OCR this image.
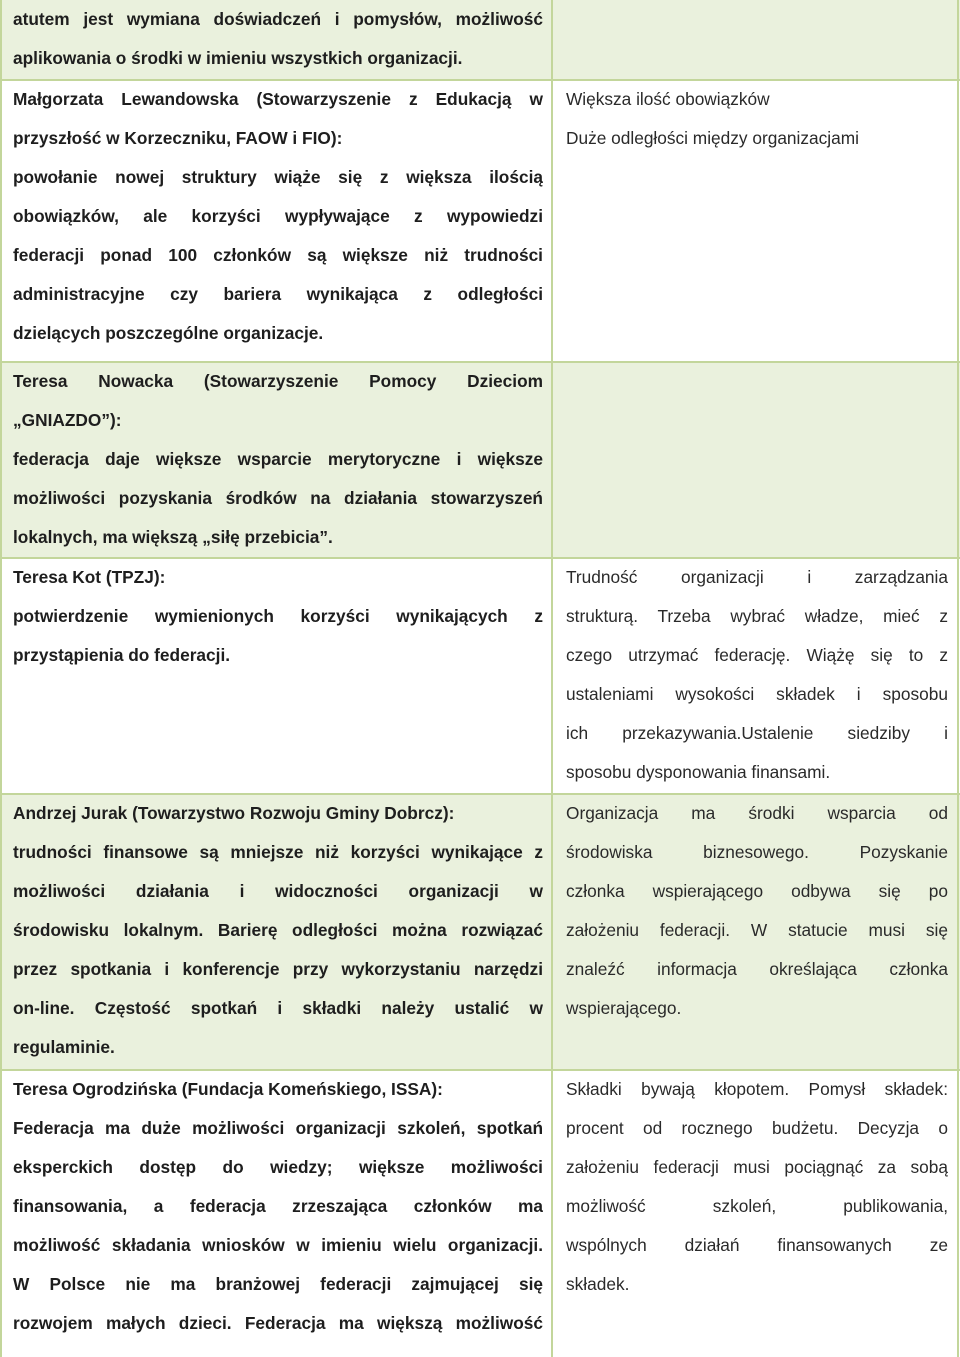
atutem jest wymiana doświadczeń i pomysłów, możliwość
aplikowania o środki w imieniu wszystkich organizacji.
Małgorzata Lewandowska (Stowarzyszenie z Edukacją w
przyszłość w Korzeczniku, FAOW i FIO):
powołanie nowej struktury wiąże się z większa ilością
obowiązków, ale korzyści wypływające z wypowiedzi
federacji ponad 100 członków są większe niż trudności
administracyjne czy bariera wynikająca z odległości
dzielących poszczególne organizacje.
Większa ilość obowiązków
Duże odległości między organizacjami
Teresa Nowacka (Stowarzyszenie Pomocy Dzieciom
„GNIAZDO”):
federacja daje większe wsparcie merytoryczne i większe
możliwości pozyskania środków na działania stowarzyszeń
lokalnych, ma większą „siłę przebicia”.
Teresa Kot (TPZJ):
potwierdzenie wymienionych korzyści wynikających z
przystąpienia do federacji.
Trudność organizacji i zarządzania
strukturą. Trzeba wybrać władze, mieć z
czego utrzymać federację. Wiążę się to z
ustaleniami wysokości składek i sposobu
ich przekazywania.Ustalenie siedziby i
sposobu dysponowania finansami.
Andrzej Jurak (Towarzystwo Rozwoju Gminy Dobrcz):
trudności finansowe są mniejsze niż korzyści wynikające z
możliwości działania i widoczności organizacji w
środowisku lokalnym. Barierę odległości można rozwiązać
przez spotkania i konferencje przy wykorzystaniu narzędzi
on-line. Częstość spotkań i składki należy ustalić w
regulaminie.
Organizacja ma środki wsparcia od
środowiska biznesowego. Pozyskanie
członka wspierającego odbywa się po
założeniu federacji. W statucie musi się
znaleźć informacja określająca członka
wspierającego.
Teresa Ogrodzińska (Fundacja Komeńskiego, ISSA):
Federacja ma duże możliwości organizacji szkoleń, spotkań
eksperckich dostęp do wiedzy; większe możliwości
finansowania, a federacja zrzeszająca członków ma
możliwość składania wniosków w imieniu wielu organizacji.
W Polsce nie ma branżowej federacji zajmującej się
rozwojem małych dzieci. Federacja ma większą możliwość
Składki bywają kłopotem. Pomysł składek:
procent od rocznego budżetu. Decyzja o
założeniu federacji musi pociągnąć za sobą
możliwość szkoleń, publikowania,
wspólnych działań finansowanych ze
składek.
